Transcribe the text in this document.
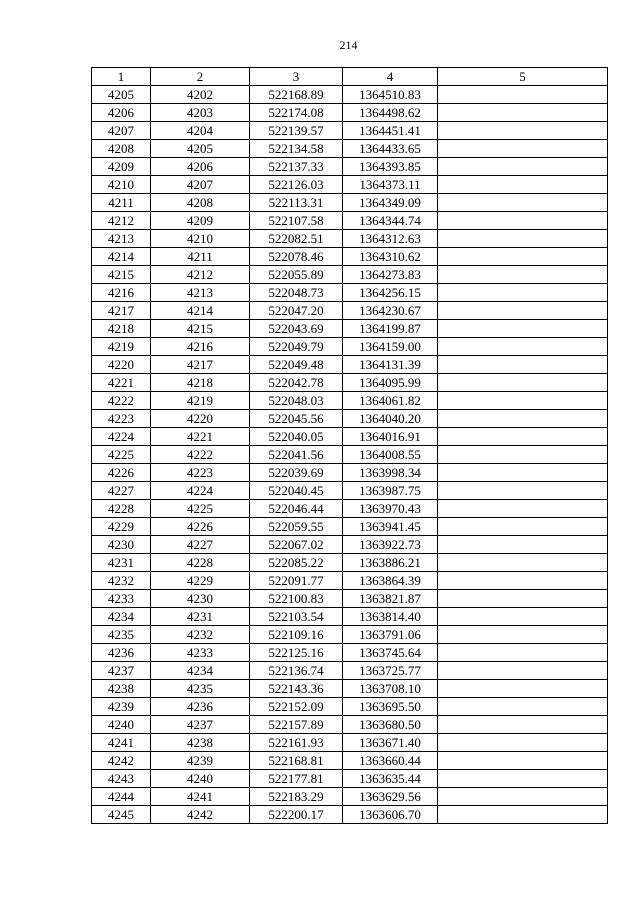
214
1	2	3	4	5
4205	4202	522168.89	1364510.83	
4206	4203	522174.08	1364498.62	
4207	4204	522139.57	1364451.41	
4208	4205	522134.58	1364433.65	
4209	4206	522137.33	1364393.85	
4210	4207	522126.03	1364373.11	
4211	4208	522113.31	1364349.09	
4212	4209	522107.58	1364344.74	
4213	4210	522082.51	1364312.63	
4214	4211	522078.46	1364310.62	
4215	4212	522055.89	1364273.83	
4216	4213	522048.73	1364256.15	
4217	4214	522047.20	1364230.67	
4218	4215	522043.69	1364199.87	
4219	4216	522049.79	1364159.00	
4220	4217	522049.48	1364131.39	
4221	4218	522042.78	1364095.99	
4222	4219	522048.03	1364061.82	
4223	4220	522045.56	1364040.20	
4224	4221	522040.05	1364016.91	
4225	4222	522041.56	1364008.55	
4226	4223	522039.69	1363998.34	
4227	4224	522040.45	1363987.75	
4228	4225	522046.44	1363970.43	
4229	4226	522059.55	1363941.45	
4230	4227	522067.02	1363922.73	
4231	4228	522085.22	1363886.21	
4232	4229	522091.77	1363864.39	
4233	4230	522100.83	1363821.87	
4234	4231	522103.54	1363814.40	
4235	4232	522109.16	1363791.06	
4236	4233	522125.16	1363745.64	
4237	4234	522136.74	1363725.77	
4238	4235	522143.36	1363708.10	
4239	4236	522152.09	1363695.50	
4240	4237	522157.89	1363680.50	
4241	4238	522161.93	1363671.40	
4242	4239	522168.81	1363660.44	
4243	4240	522177.81	1363635.44	
4244	4241	522183.29	1363629.56	
4245	4242	522200.17	1363606.70	
